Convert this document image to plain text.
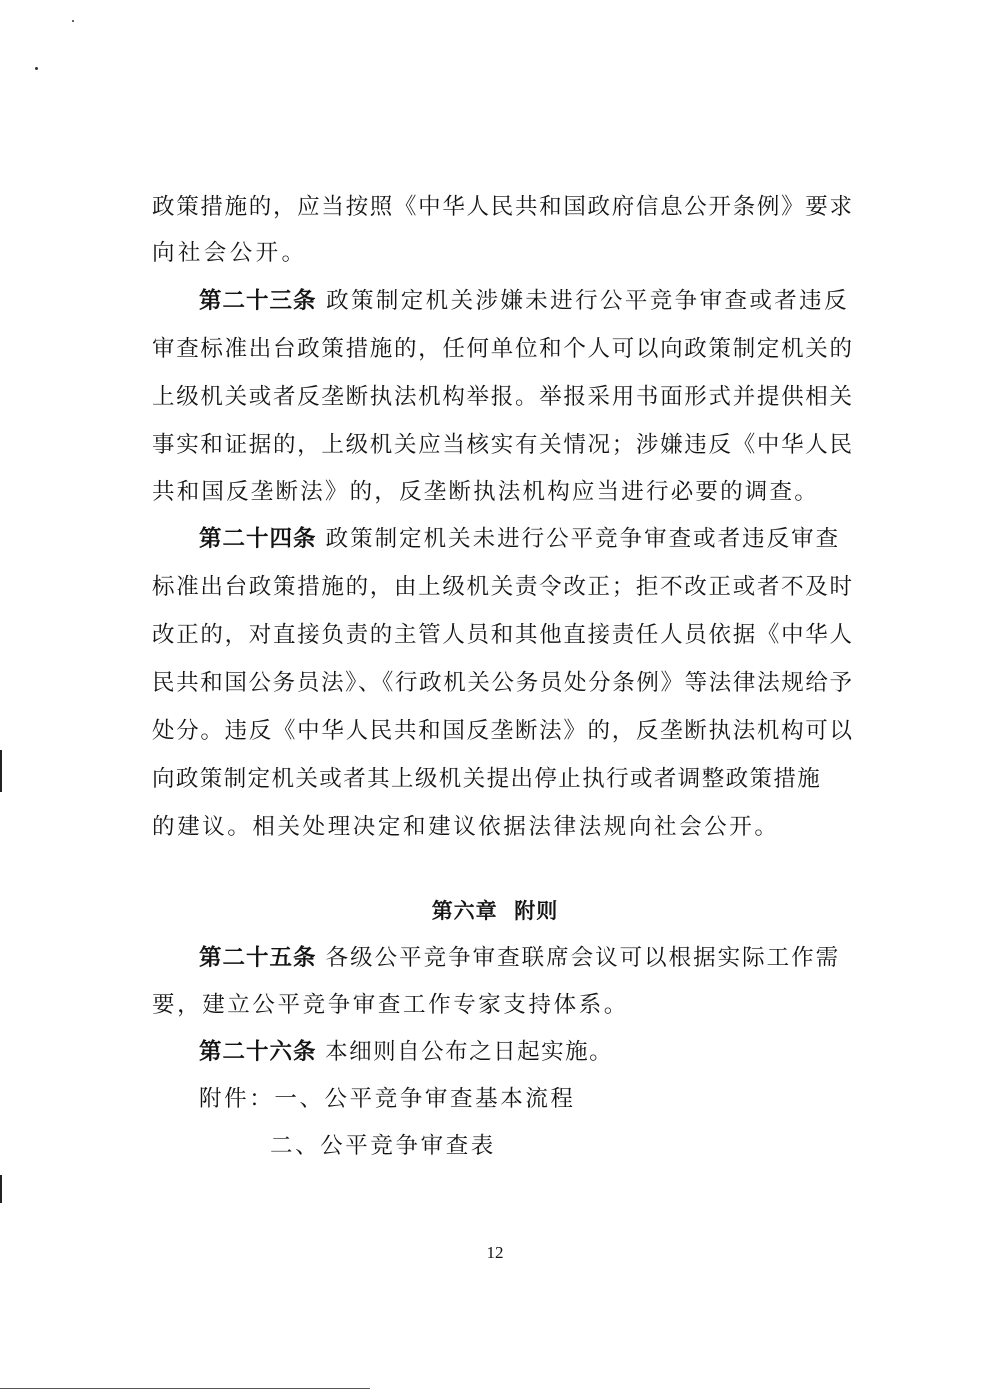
政策措施的，应当按照《中华人民共和国政府信息公开条例》要求
向社会公开。
第二十三条 政策制定机关涉嫌未进行公平竞争审查或者违反
审查标准出台政策措施的，任何单位和个人可以向政策制定机关的
上级机关或者反垄断执法机构举报。举报采用书面形式并提供相关
事实和证据的，上级机关应当核实有关情况；涉嫌违反《中华人民
共和国反垄断法》的，反垄断执法机构应当进行必要的调查。
第二十四条 政策制定机关未进行公平竞争审查或者违反审查
标准出台政策措施的，由上级机关责令改正；拒不改正或者不及时
改正的，对直接负责的主管人员和其他直接责任人员依据《中华人
民共和国公务员法》、《行政机关公务员处分条例》等法律法规给予
处分。违反《中华人民共和国反垄断法》的，反垄断执法机构可以
向政策制定机关或者其上级机关提出停止执行或者调整政策措施
的建议。相关处理决定和建议依据法律法规向社会公开。
第六章  附则
第二十五条 各级公平竞争审查联席会议可以根据实际工作需
要，建立公平竞争审查工作专家支持体系。
第二十六条 本细则自公布之日起实施。
附件：一、公平竞争审查基本流程
二、公平竞争审查表
12
